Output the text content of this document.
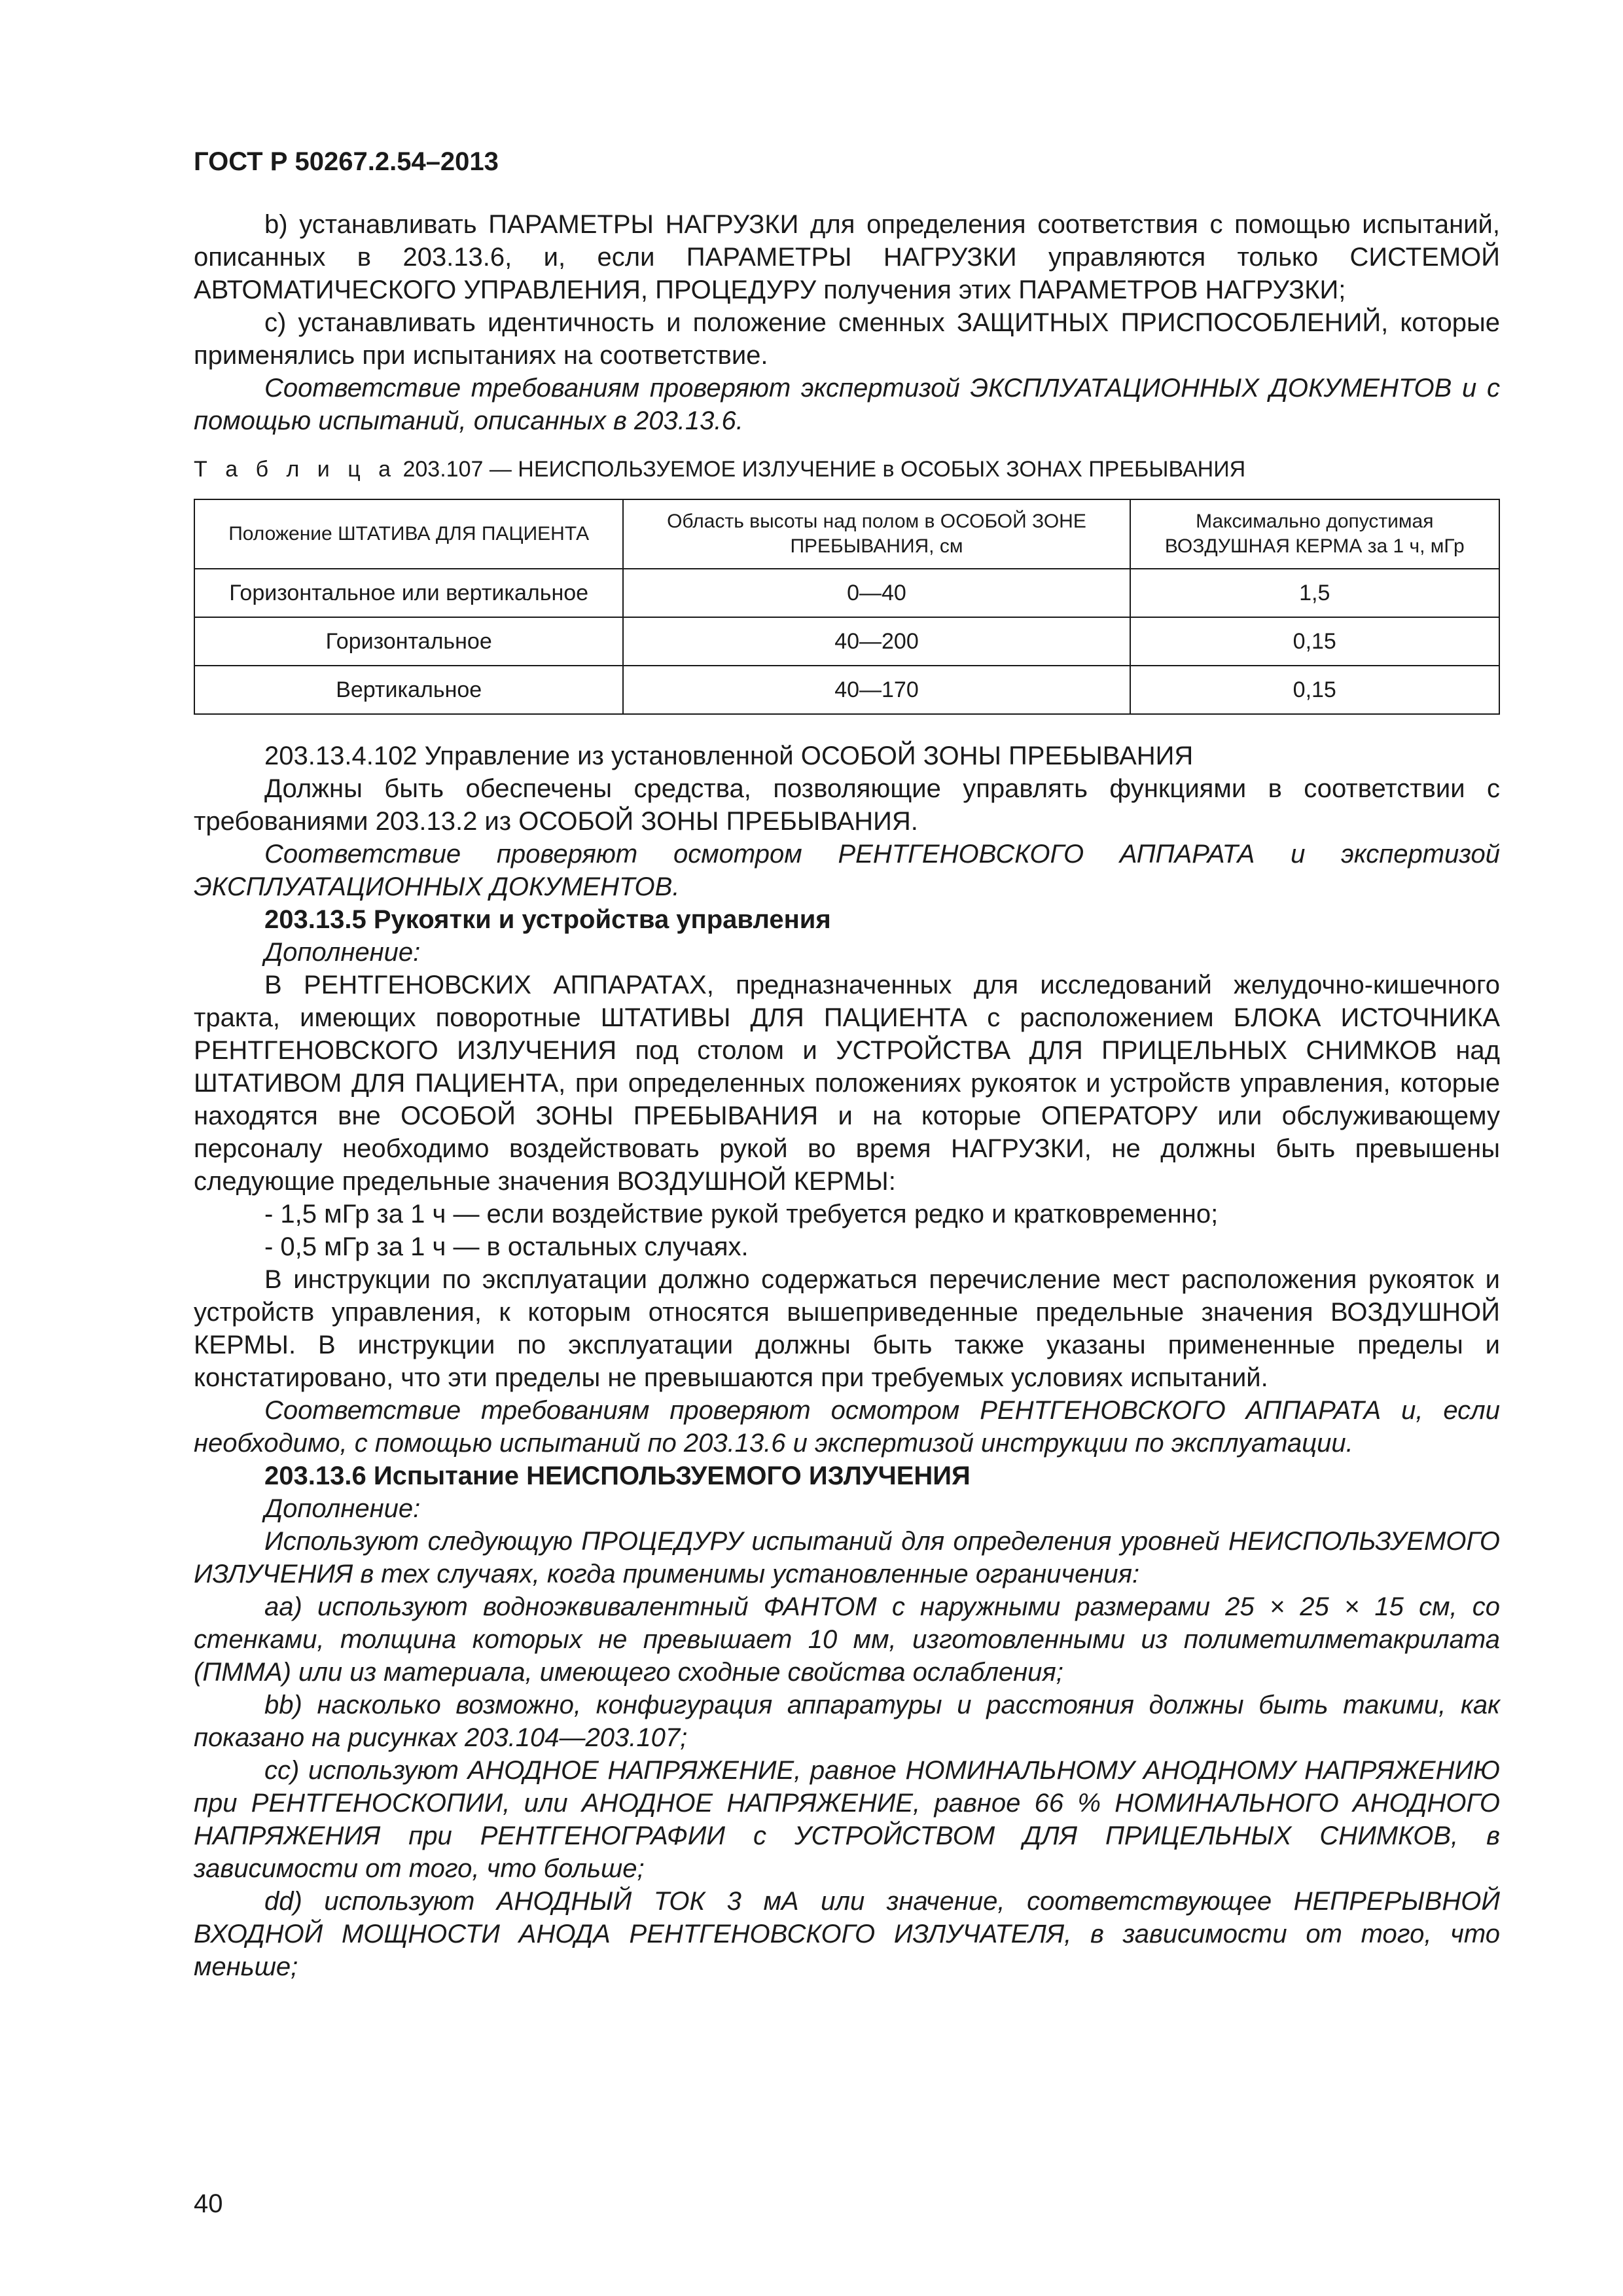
ГОСТ Р 50267.2.54–2013

b) устанавливать ПАРАМЕТРЫ НАГРУЗКИ для определения соответствия с помощью испытаний, описанных в 203.13.6, и, если ПАРАМЕТРЫ НАГРУЗКИ управляются только СИСТЕМОЙ АВТОМАТИЧЕСКОГО УПРАВЛЕНИЯ, ПРОЦЕДУРУ получения этих ПАРАМЕТРОВ НАГРУЗКИ;

c) устанавливать идентичность и положение сменных ЗАЩИТНЫХ ПРИСПОСОБЛЕНИЙ, которые применялись при испытаниях на соответствие.

Соответствие требованиям проверяют экспертизой ЭКСПЛУАТАЦИОННЫХ ДОКУМЕНТОВ и с помощью испытаний, описанных в 203.13.6.

Т а б л и ц а 203.107 — НЕИСПОЛЬЗУЕМОЕ ИЗЛУЧЕНИЕ в ОСОБЫХ ЗОНАХ ПРЕБЫВАНИЯ
Положение ШТАТИВА ДЛЯ ПАЦИЕНТА	Область высоты над полом в ОСОБОЙ ЗОНЕ ПРЕБЫВАНИЯ, см	Максимально допустимая ВОЗДУШНАЯ КЕРМА за 1 ч, мГр
Горизонтальное или вертикальное	0—40	1,5
Горизонтальное	40—200	0,15
Вертикальное	40—170	0,15

203.13.4.102 Управление из установленной ОСОБОЙ ЗОНЫ ПРЕБЫВАНИЯ

Должны быть обеспечены средства, позволяющие управлять функциями в соответствии с требованиями 203.13.2 из ОСОБОЙ ЗОНЫ ПРЕБЫВАНИЯ.

Соответствие проверяют осмотром РЕНТГЕНОВСКОГО АППАРАТА и экспертизой ЭКСПЛУАТАЦИОННЫХ ДОКУМЕНТОВ.

203.13.5 Рукоятки и устройства управления

Дополнение:

В РЕНТГЕНОВСКИХ АППАРАТАХ, предназначенных для исследований желудочно-кишечного тракта, имеющих поворотные ШТАТИВЫ ДЛЯ ПАЦИЕНТА с расположением БЛОКА ИСТОЧНИКА РЕНТГЕНОВСКОГО ИЗЛУЧЕНИЯ под столом и УСТРОЙСТВА ДЛЯ ПРИЦЕЛЬНЫХ СНИМКОВ над ШТАТИВОМ ДЛЯ ПАЦИЕНТА, при определенных положениях рукояток и устройств управления, которые находятся вне ОСОБОЙ ЗОНЫ ПРЕБЫВАНИЯ и на которые ОПЕРАТОРУ или обслуживающему персоналу необходимо воздействовать рукой во время НАГРУЗКИ, не должны быть превышены следующие предельные значения ВОЗДУШНОЙ КЕРМЫ:

- 1,5 мГр за 1 ч — если воздействие рукой требуется редко и кратковременно;

- 0,5 мГр за 1 ч — в остальных случаях.

В инструкции по эксплуатации должно содержаться перечисление мест расположения рукояток и устройств управления, к которым относятся вышеприведенные предельные значения ВОЗДУШНОЙ КЕРМЫ. В инструкции по эксплуатации должны быть также указаны примененные пределы и констатировано, что эти пределы не превышаются при требуемых условиях испытаний.

Соответствие требованиям проверяют осмотром РЕНТГЕНОВСКОГО АППАРАТА и, если необходимо, с помощью испытаний по 203.13.6 и экспертизой инструкции по эксплуатации.

203.13.6 Испытание НЕИСПОЛЬЗУЕМОГО ИЗЛУЧЕНИЯ

Дополнение:

Используют следующую ПРОЦЕДУРУ испытаний для определения уровней НЕИСПОЛЬЗУЕМОГО ИЗЛУЧЕНИЯ в тех случаях, когда применимы установленные ограничения:

aa) используют водноэквивалентный ФАНТОМ с наружными размерами 25 × 25 × 15 см, со стенками, толщина которых не превышает 10 мм, изготовленными из полиметилметакрилата (ПММА) или из материала, имеющего сходные свойства ослабления;

bb) насколько возможно, конфигурация аппаратуры и расстояния должны быть такими, как показано на рисунках 203.104—203.107;

cc) используют АНОДНОЕ НАПРЯЖЕНИЕ, равное НОМИНАЛЬНОМУ АНОДНОМУ НАПРЯЖЕНИЮ при РЕНТГЕНОСКОПИИ, или АНОДНОЕ НАПРЯЖЕНИЕ, равное 66 % НОМИНАЛЬНОГО АНОДНОГО НАПРЯЖЕНИЯ при РЕНТГЕНОГРАФИИ с УСТРОЙСТВОМ ДЛЯ ПРИЦЕЛЬНЫХ СНИМКОВ, в зависимости от того, что больше;

dd) используют АНОДНЫЙ ТОК 3 мА или значение, соответствующее НЕПРЕРЫВНОЙ ВХОДНОЙ МОЩНОСТИ АНОДА РЕНТГЕНОВСКОГО ИЗЛУЧАТЕЛЯ, в зависимости от того, что меньше;

40
